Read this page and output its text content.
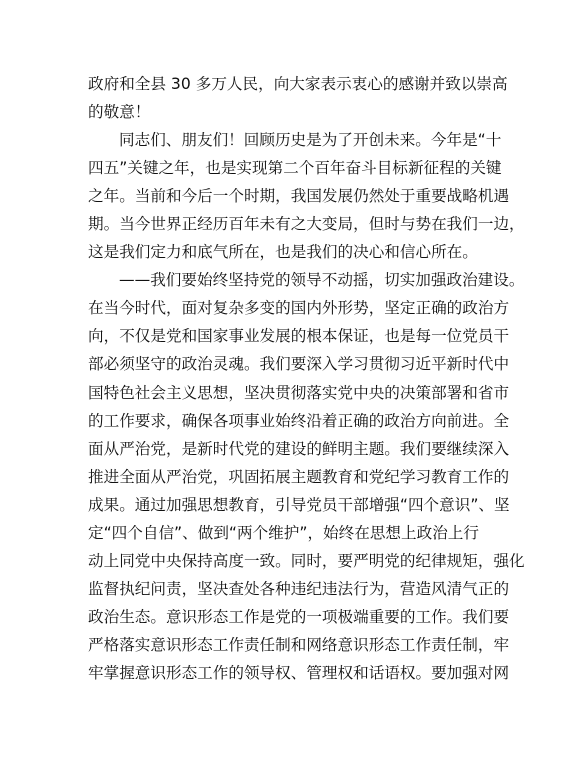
政府和全县 30 多万人民，向大家表示衷心的感谢并致以崇高
的敬意！
同志们、朋友们！回顾历史是为了开创未来。今年是“十
四五”关键之年，也是实现第二个百年奋斗目标新征程的关键
之年。当前和今后一个时期，我国发展仍然处于重要战略机遇
期。当今世界正经历百年未有之大变局，但时与势在我们一边，
这是我们定力和底气所在，也是我们的决心和信心所在。
——我们要始终坚持党的领导不动摇，切实加强政治建设。
在当今时代，面对复杂多变的国内外形势，坚定正确的政治方
向，不仅是党和国家事业发展的根本保证，也是每一位党员干
部必须坚守的政治灵魂。我们要深入学习贯彻习近平新时代中
国特色社会主义思想，坚决贯彻落实党中央的决策部署和省市
的工作要求，确保各项事业始终沿着正确的政治方向前进。全
面从严治党，是新时代党的建设的鲜明主题。我们要继续深入
推进全面从严治党，巩固拓展主题教育和党纪学习教育工作的
成果。通过加强思想教育，引导党员干部增强“四个意识”、坚
定“四个自信”、做到“两个维护”，始终在思想上政治上行
动上同党中央保持高度一致。同时，要严明党的纪律规矩，强化
监督执纪问责，坚决查处各种违纪违法行为，营造风清气正的
政治生态。意识形态工作是党的一项极端重要的工作。我们要
严格落实意识形态工作责任制和网络意识形态工作责任制，牢
牢掌握意识形态工作的领导权、管理权和话语权。要加强对网
